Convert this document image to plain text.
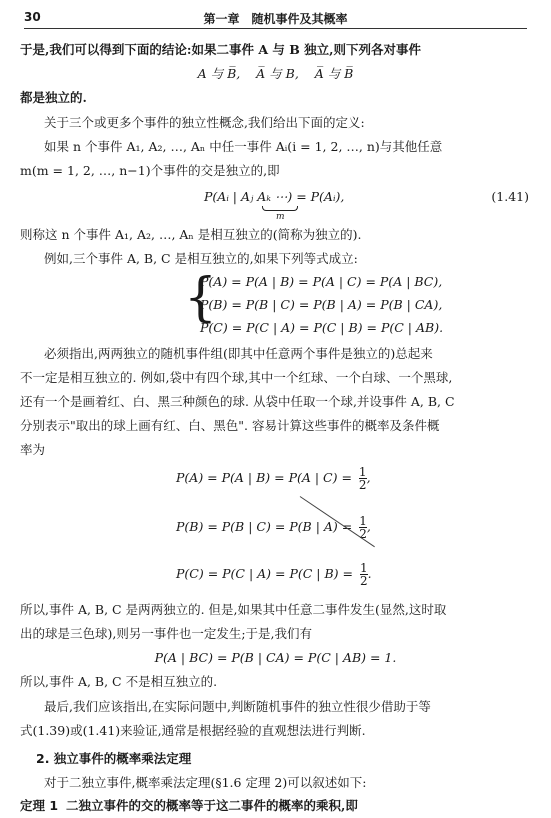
30	第一章　随机事件及其概率
于是,我们可以得到下面的结论:如果二事件 A 与 B 独立,则下列各对事件
A 与 B̅, A̅ 与 B, A̅ 与 B̅
都是独立的.
关于三个或更多个事件的独立性概念,我们给出下面的定义:
如果 n 个事件 A₁, A₂, …, Aₙ 中任一事件 Aᵢ(i = 1, 2, …, n)与其他任意
m(m = 1, 2, …, n−1)个事件的交是独立的,即
P(Aᵢ | Aⱼ Aₖ ⋯) = P(Aᵢ),
m
(1.41)
则称这 n 个事件 A₁, A₂, …, Aₙ 是相互独立的(简称为独立的).
例如,三个事件 A, B, C 是相互独立的,如果下列等式成立:
{
P(A) = P(A | B) = P(A | C) = P(A | BC),
P(B) = P(B | C) = P(B | A) = P(B | CA),
P(C) = P(C | A) = P(C | B) = P(C | AB).
必须指出,两两独立的随机事件组(即其中任意两个事件是独立的)总起来
不一定是相互独立的. 例如,袋中有四个球,其中一个红球、一个白球、一个黑球,
还有一个是画着红、白、黑三种颜色的球. 从袋中任取一个球,并设事件 A, B, C
分别表示"取出的球上画有红、白、黑色". 容易计算这些事件的概率及条件概
率为
P(A) = P(A | B) = P(A | $C) = \frac{1}{2}$ ,
P(B) = P(B | C) = P(B | $A) = \frac{1}{2}$ ,
P(C) = P(C | A) = P(C | $B) = \frac{1}{2}$ .
所以,事件 A, B, C 是两两独立的. 但是,如果其中任意二事件发生(显然,这时取
出的球是三色球),则另一事件也一定发生;于是,我们有
P(A | BC) = P(B | CA) = P(C | AB) = 1.
所以,事件 A, B, C 不是相互独立的.
最后,我们应该指出,在实际问题中,判断随机事件的独立性很少借助于等
式(1.39)或(1.41)来验证,通常是根据经验的直观想法进行判断.
2. 独立事件的概率乘法定理
对于二独立事件,概率乘法定理(§1.6 定理 2)可以叙述如下:
定理 1 二独立事件的交的概率等于这二事件的概率的乘积,即
